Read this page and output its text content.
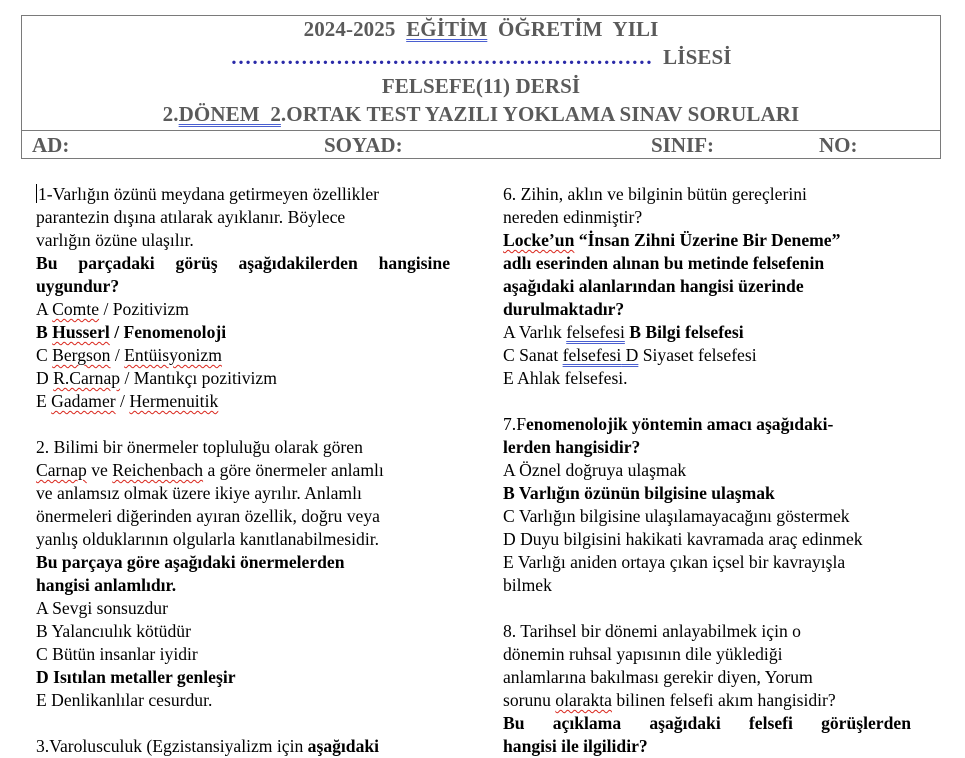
2024-2025  EĞİTİM  ÖĞRETİM  YILI
……………………………………………………  LİSESİ
FELSEFE(11) DERSİ
2.DÖNEM  2.ORTAK TEST YAZILI YOKLAMA SINAV SORULARI
AD:	SOYAD:	SINIF:	NO:
1-Varlığın özünü meydana getirmeyen özellikler
parantezin dışına atılarak ayıklanır. Böylece
varlığın özüne ulaşılır.
Bu parçadaki görüş aşağıdakilerden hangisine
uygundur?
A Comte / Pozitivizm
B Husserl / Fenomenoloji
C Bergson / Entüisyonizm
D R.Carnap / Mantıkçı pozitivizm
E Gadamer / Hermenuitik
2. Bilimi bir önermeler topluluğu olarak gören
Carnap ve Reichenbach a göre önermeler anlamlı
ve anlamsız olmak üzere ikiye ayrılır. Anlamlı
önermeleri diğerinden ayıran özellik, doğru veya
yanlış olduklarının olgularla kanıtlanabilmesidir.
Bu parçaya göre aşağıdaki önermelerden
hangisi anlamlıdır.
A Sevgi sonsuzdur
B Yalancıulık kötüdür
C Bütün insanlar iyidir
D Isıtılan metaller genleşir
E Denlikanlılar cesurdur.
3.Varolusculuk (Egzistansiyalizm için aşağıdaki
6. Zihin, aklın ve bilginin bütün gereçlerini
nereden edinmiştir?
Locke’un “İnsan Zihni Üzerine Bir Deneme”
adlı eserinden alınan bu metinde felsefenin
aşağıdaki alanlarından hangisi üzerinde
durulmaktadır?
A Varlık felsefesi B Bilgi felsefesi
C Sanat felsefesi D Siyaset felsefesi
E Ahlak felsefesi.
7.Fenomenolojik yöntemin amacı aşağıdaki-
lerden hangisidir?
A Öznel doğruya ulaşmak
B Varlığın özünün bilgisine ulaşmak
C Varlığın bilgisine ulaşılamayacağını göstermek
D Duyu bilgisini hakikati kavramada araç edinmek
E Varlığı aniden ortaya çıkan içsel bir kavrayışla
bilmek
8. Tarihsel bir dönemi anlayabilmek için o
dönemin ruhsal yapısının dile yüklediği
anlamlarına bakılması gerekir diyen, Yorum
sorunu olarakta bilinen felsefi akım hangisidir?
Bu açıklama aşağıdaki felsefi görüşlerden
hangisi ile ilgilidir?
